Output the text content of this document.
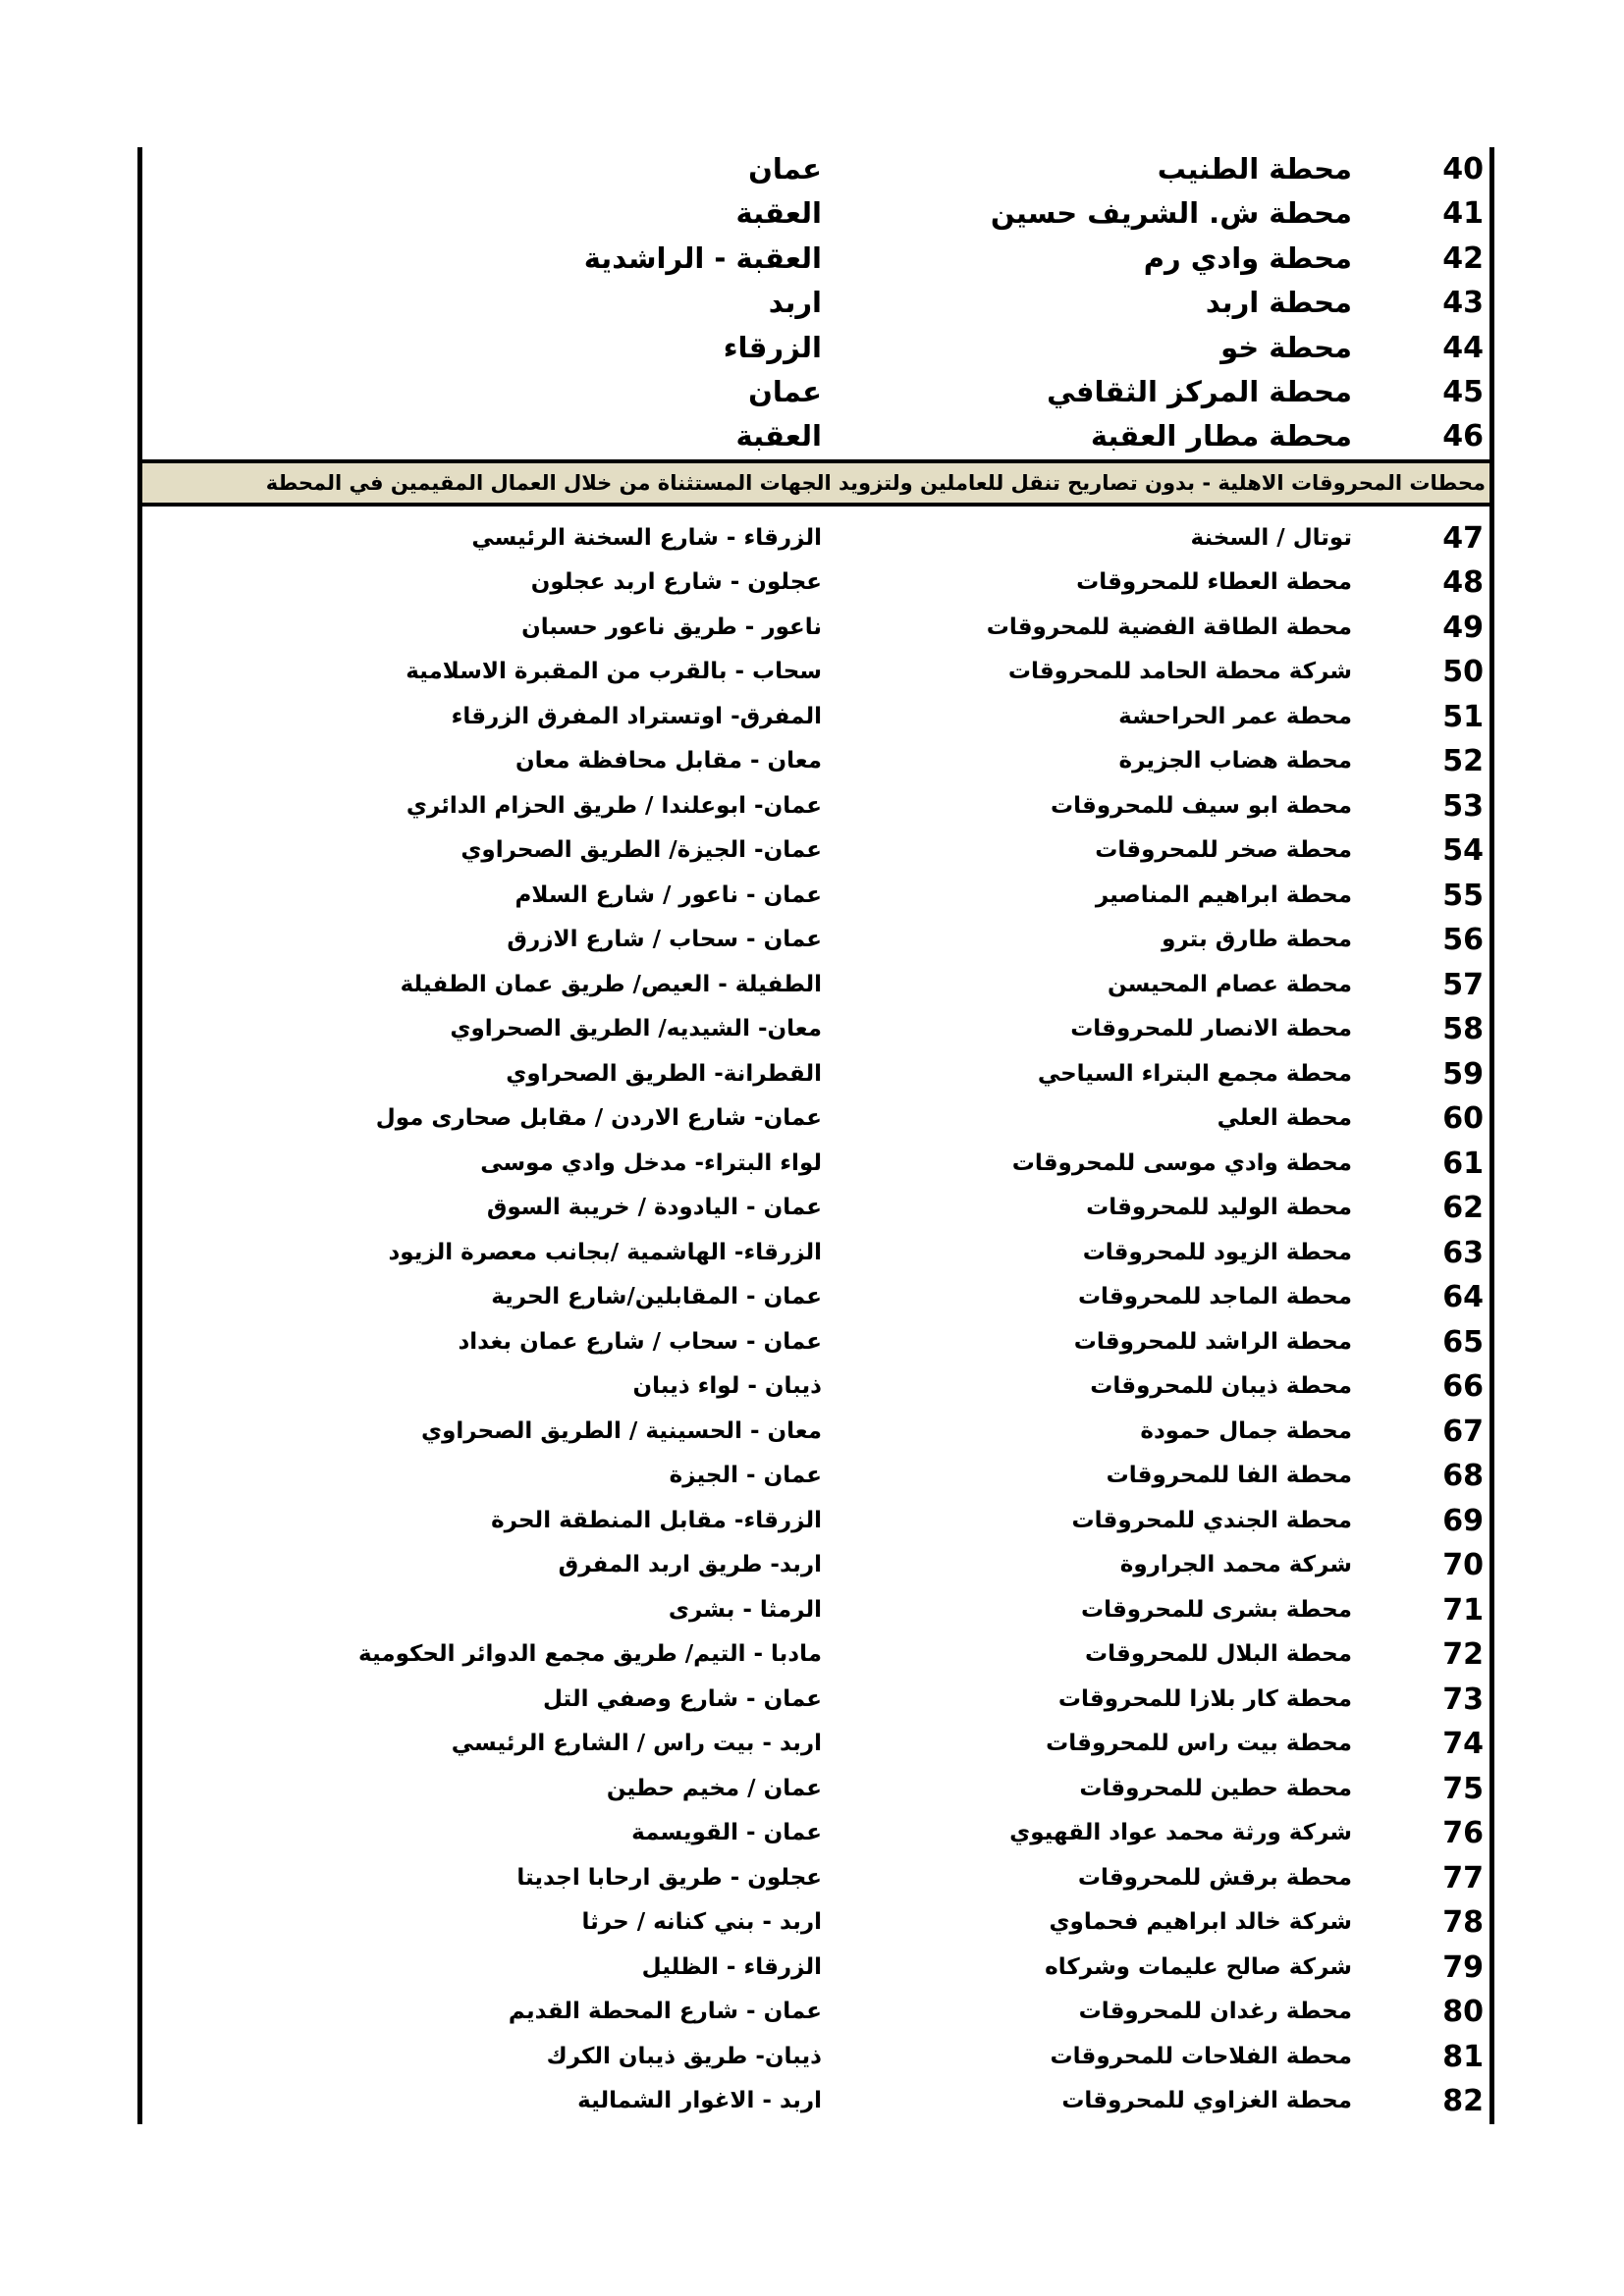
40
محطة الطنيب
عمان
41
محطة ش. الشريف حسين
العقبة
42
محطة وادي رم
العقبة - الراشدية
43
محطة اربد
اربد
44
محطة خو
الزرقاء
45
محطة المركز الثقافي
عمان
46
محطة مطار العقبة
العقبة
محطات المحروقات الاهلية - بدون تصاريح تنقل للعاملين ولتزويد الجهات المستثناة من خلال العمال المقيمين في المحطة
47
توتال / السخنة
الزرقاء - شارع السخنة الرئيسي
48
محطة العطاء للمحروقات
عجلون - شارع اربد عجلون
49
محطة الطاقة الفضية للمحروقات
ناعور - طريق ناعور حسبان
50
شركة محطة الحامد للمحروقات
سحاب - بالقرب من المقبرة الاسلامية
51
محطة عمر الحراحشة
المفرق- اوتستراد المفرق الزرقاء
52
محطة هضاب الجزيرة
معان - مقابل محافظة معان
53
محطة ابو سيف للمحروقات
عمان- ابوعلندا / طريق الحزام الدائري
54
محطة صخر للمحروقات
عمان- الجيزة/ الطريق الصحراوي
55
محطة ابراهيم المناصير
عمان - ناعور / شارع السلام
56
محطة طارق بترو
عمان - سحاب / شارع الازرق
57
محطة عصام المحيسن
الطفيلة - العيص/ طريق عمان الطفيلة
58
محطة الانصار للمحروقات
معان- الشيديه/ الطريق الصحراوي
59
محطة مجمع البتراء السياحي
القطرانة- الطريق الصحراوي
60
محطة العلي
عمان- شارع الاردن / مقابل صحارى مول
61
محطة وادي موسى للمحروقات
لواء البتراء- مدخل وادي موسى
62
محطة الوليد للمحروقات
عمان - اليادودة / خريبة السوق
63
محطة الزيود للمحروقات
الزرقاء- الهاشمية /بجانب معصرة الزيود
64
محطة الماجد للمحروقات
عمان - المقابلين/شارع الحرية
65
محطة الراشد للمحروقات
عمان - سحاب / شارع عمان بغداد
66
محطة ذيبان للمحروقات
ذيبان - لواء ذيبان
67
محطة جمال حمودة
معان - الحسينية / الطريق الصحراوي
68
محطة الفا للمحروقات
عمان - الجيزة
69
محطة الجندي للمحروقات
الزرقاء- مقابل المنطقة الحرة
70
شركة محمد الجراروة
اربد- طريق اربد المفرق
71
محطة بشرى للمحروقات
الرمثا - بشرى
72
محطة البلال للمحروقات
مادبا - التيم/ طريق مجمع الدوائر الحكومية
73
محطة كار بلازا للمحروقات
عمان - شارع وصفي التل
74
محطة بيت راس للمحروقات
اربد - بيت راس / الشارع الرئيسي
75
محطة حطين للمحروقات
عمان / مخيم حطين
76
شركة ورثة محمد عواد القهيوي
عمان - القويسمة
77
محطة برقش للمحروقات
عجلون - طريق ارحابا اجديتا
78
شركة خالد ابراهيم فحماوي
اربد - بني كنانه / حرثا
79
شركة صالح عليمات وشركاه
الزرقاء - الظليل
80
محطة رغدان للمحروقات
عمان - شارع المحطة القديم
81
محطة الفلاحات للمحروقات
ذيبان- طريق ذيبان الكرك
82
محطة الغزاوي للمحروقات
اربد - الاغوار الشمالية
